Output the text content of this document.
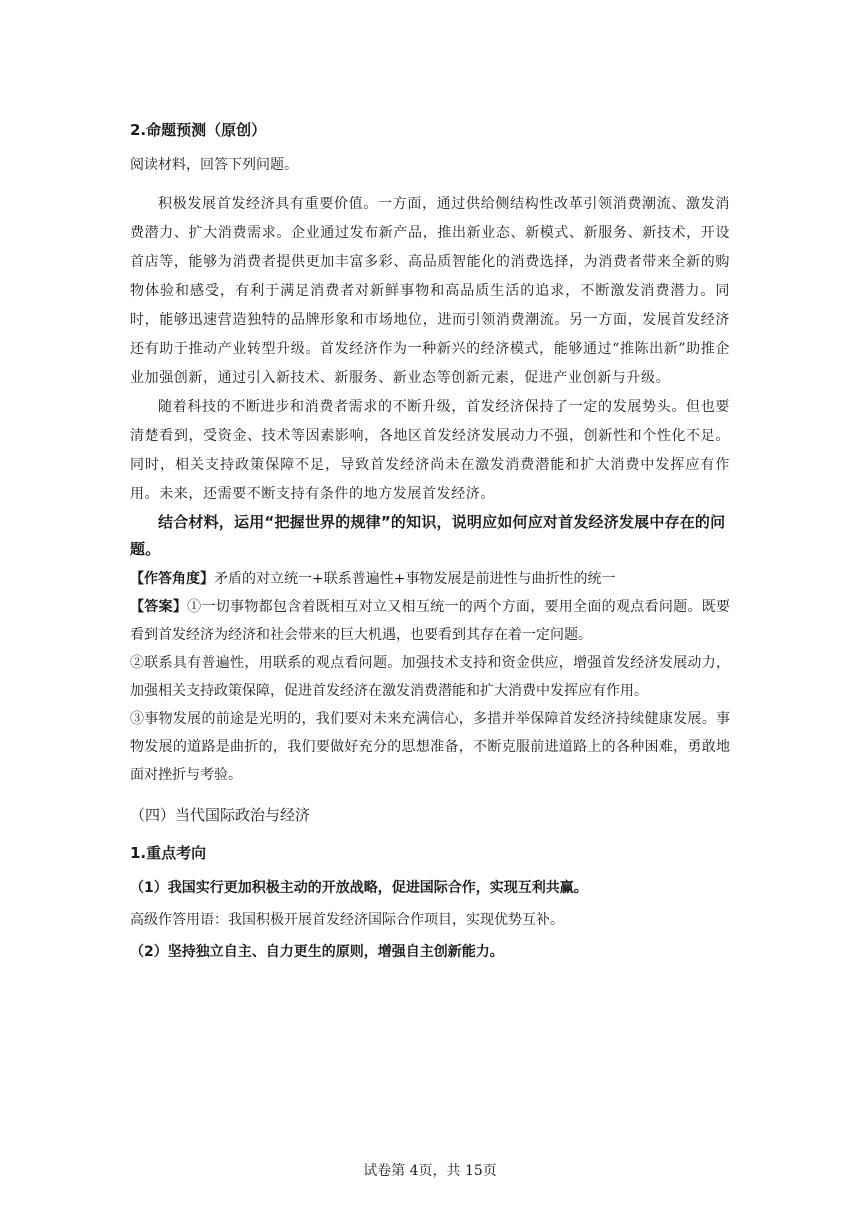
2.命题预测（原创）

阅读材料，回答下列问题。

积极发展首发经济具有重要价值。一方面，通过供给侧结构性改革引领消费潮流、激发消费潜力、扩大消费需求。企业通过发布新产品，推出新业态、新模式、新服务、新技术，开设首店等，能够为消费者提供更加丰富多彩、高品质智能化的消费选择，为消费者带来全新的购物体验和感受，有利于满足消费者对新鲜事物和高品质生活的追求，不断激发消费潜力。同时，能够迅速营造独特的品牌形象和市场地位，进而引领消费潮流。另一方面，发展首发经济还有助于推动产业转型升级。首发经济作为一种新兴的经济模式，能够通过“推陈出新”助推企业加强创新，通过引入新技术、新服务、新业态等创新元素，促进产业创新与升级。

随着科技的不断进步和消费者需求的不断升级，首发经济保持了一定的发展势头。但也要清楚看到，受资金、技术等因素影响，各地区首发经济发展动力不强，创新性和个性化不足。同时，相关支持政策保障不足，导致首发经济尚未在激发消费潜能和扩大消费中发挥应有作用。未来，还需要不断支持有条件的地方发展首发经济。

结合材料，运用“把握世界的规律”的知识，说明应如何应对首发经济发展中存在的问题。

【作答角度】矛盾的对立统一+联系普遍性+事物发展是前进性与曲折性的统一

【答案】①一切事物都包含着既相互对立又相互统一的两个方面，要用全面的观点看问题。既要看到首发经济为经济和社会带来的巨大机遇，也要看到其存在着一定问题。

②联系具有普遍性，用联系的观点看问题。加强技术支持和资金供应，增强首发经济发展动力，加强相关支持政策保障，促进首发经济在激发消费潜能和扩大消费中发挥应有作用。

③事物发展的前途是光明的，我们要对未来充满信心，多措并举保障首发经济持续健康发展。事物发展的道路是曲折的，我们要做好充分的思想准备，不断克服前进道路上的各种困难，勇敢地面对挫折与考验。

（四）当代国际政治与经济
1.重点考向

（1）我国实行更加积极主动的开放战略，促进国际合作，实现互利共赢。

高级作答用语：我国积极开展首发经济国际合作项目，实现优势互补。

（2）坚持独立自主、自力更生的原则，增强自主创新能力。

试卷第 4页，共 15页
